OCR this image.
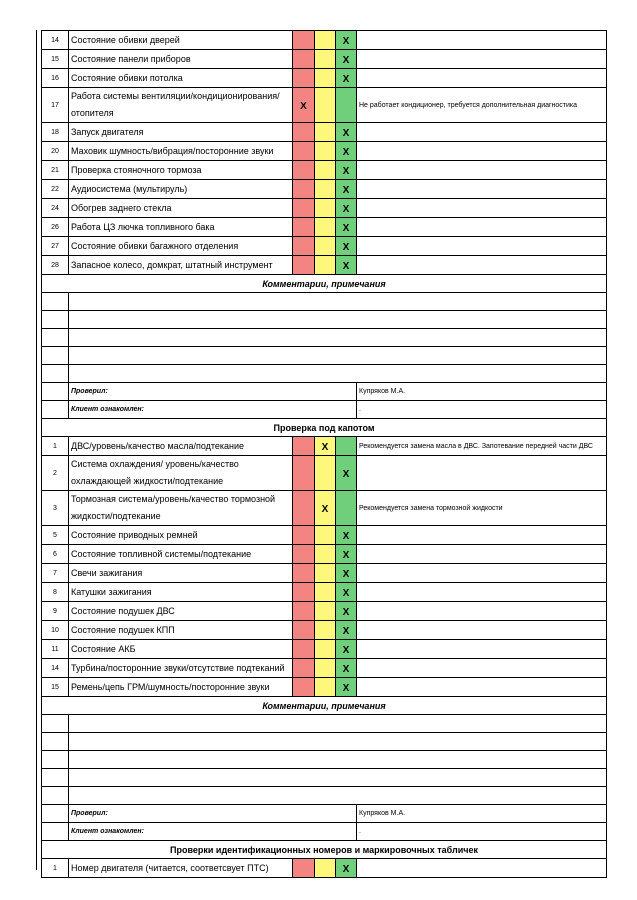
14	Состояние обивки дверей			X	
15	Состояние панели приборов			X	
16	Состояние обивки потолка			X	
17	Работа системы вентиляции/кондиционирования/ отопителя	X			Не работает кондиционер, требуется дополнительная диагностика
18	Запуск двигателя			X	
20	Маховик шумность/вибрация/посторонние звуки			X	
21	Проверка стояночного тормоза			X	
22	Аудиосистема (мультируль)			X	
24	Обогрев заднего стекла			X	
26	Работа ЦЗ лючка топливного бака			X	
27	Состояние обивки багажного отделения			X	
28	Запасное колесо, домкрат, штатный инструмент			X	
Комментарии, примечания					

	Проверил:				Купряков М.А.
	Клиент ознакомлен:				.
Проверка под капотом					
1	ДВС/уровень/качество масла/подтекание		X		Рекомендуется замена масла в ДВС. Запотевание передней части ДВС
2	Система охлаждения/ уровень/качество охлаждающей жидкости/подтекание			X	
3	Тормозная система/уровень/качество тормозной жидкости/подтекание		X		Рекомендуется замена тормозной жидкости
5	Состояние приводных ремней			X	
6	Состояние топливной системы/подтекание			X	
7	Свечи зажигания			X	
8	Катушки зажигания			X	
9	Состояние подушек ДВС			X	
10	Состояние подушек КПП			X	
11	Состояние АКБ			X	
14	Турбина/посторонние звуки/отсутствие подтеканий			X	
15	Ремень/цепь ГРМ/шумность/посторонние звуки			X	
Комментарии, примечания					

	Проверил:				Купряков М.А.
	Клиент ознакомлен:				.
Проверки идентификационных номеров и маркировочных табличек					
1	Номер двигателя (читается, соответсвует ПТС)			X	
